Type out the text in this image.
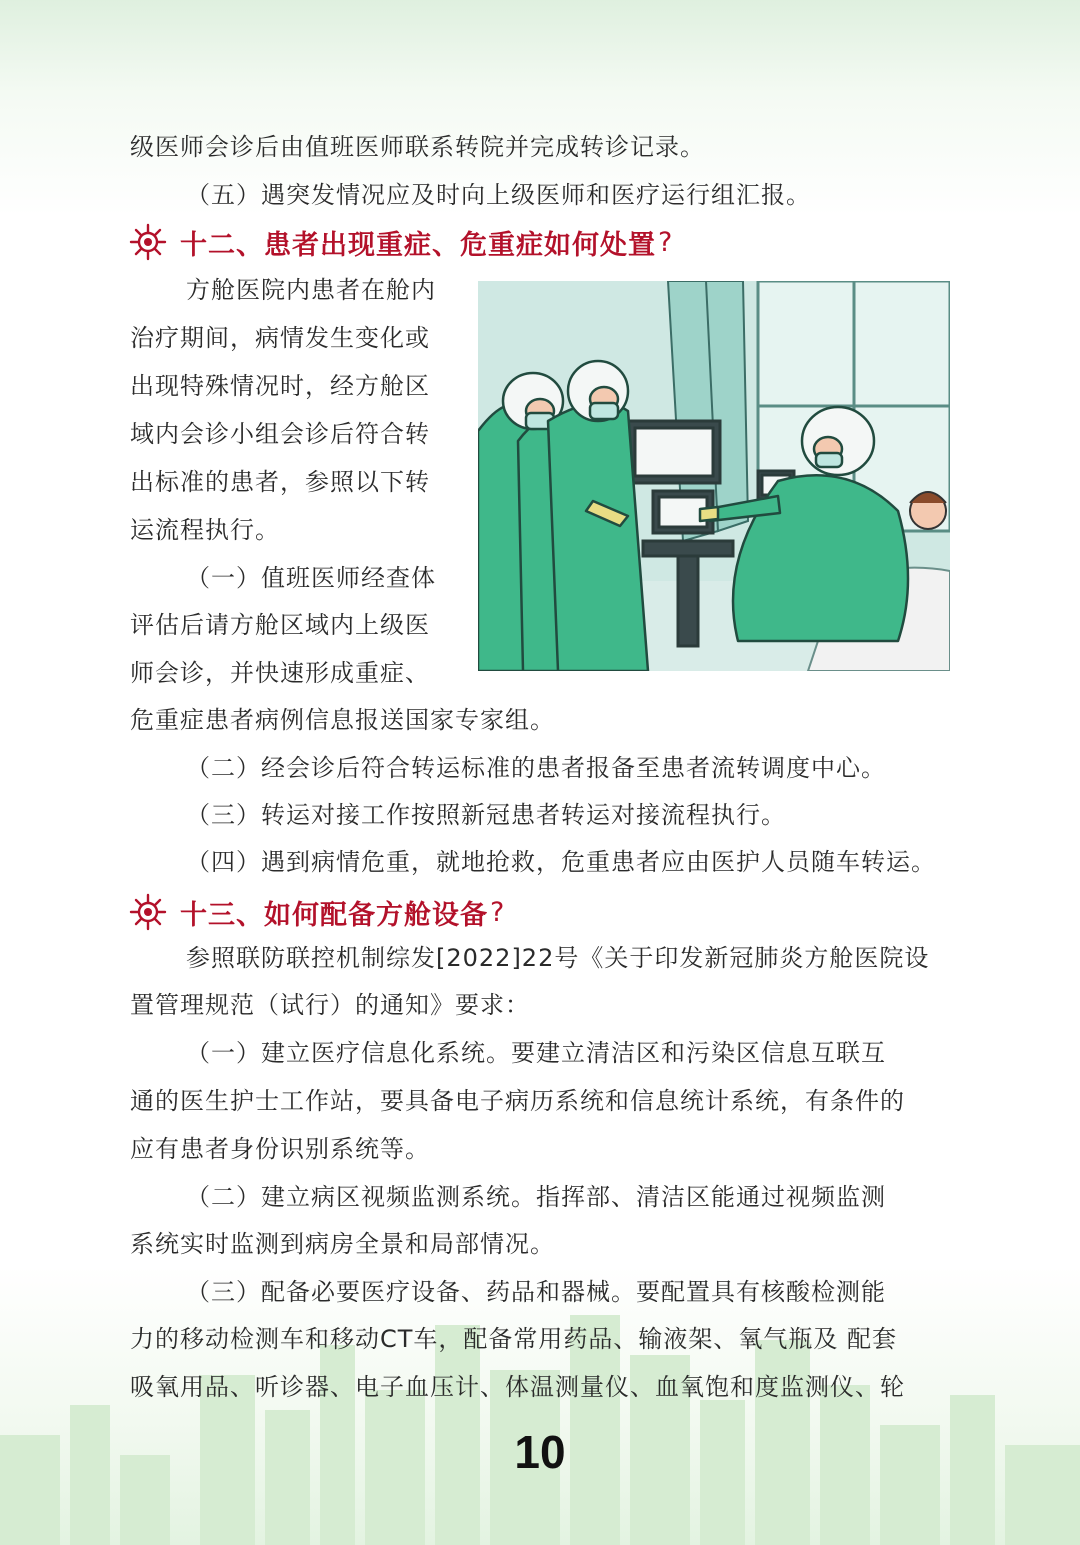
级医师会诊后由值班医师联系转院并完成转诊记录。

（五）遇突发情况应及时向上级医师和医疗运行组汇报。

十二、患者出现重症、危重症如何处置 ?

方舱医院内患者在舱内

治疗期间，病情发生变化或

出现特殊情况时，经方舱区

域内会诊小组会诊后符合转

出标准的患者，参照以下转

运流程执行。

（一）值班医师经查体

评估后请方舱区域内上级医

师会诊，并快速形成重症、

危重症患者病例信息报送国家专家组。

（二）经会诊后符合转运标准的患者报备至患者流转调度中心。

（三）转运对接工作按照新冠患者转运对接流程执行。

（四）遇到病情危重，就地抢救，危重患者应由医护人员随车转运。

十三、如何配备方舱设备 ?

参照联防联控机制综发[2022]22号《关于印发新冠肺炎方舱医院设

置管理规范（试行）的通知》要求：

（一）建立医疗信息化系统。要建立清洁区和污染区信息互联互

通的医生护士工作站，要具备电子病历系统和信息统计系统，有条件的

应有患者身份识别系统等。

（二）建立病区视频监测系统。指挥部、清洁区能通过视频监测

系统实时监测到病房全景和局部情况。

（三）配备必要医疗设备、药品和器械。要配置具有核酸检测能

力的移动检测车和移动CT车，配备常用药品、输液架、氧气瓶及 配套

吸氧用品、听诊器、电子血压计、体温测量仪、血氧饱和度监测仪、轮

10
